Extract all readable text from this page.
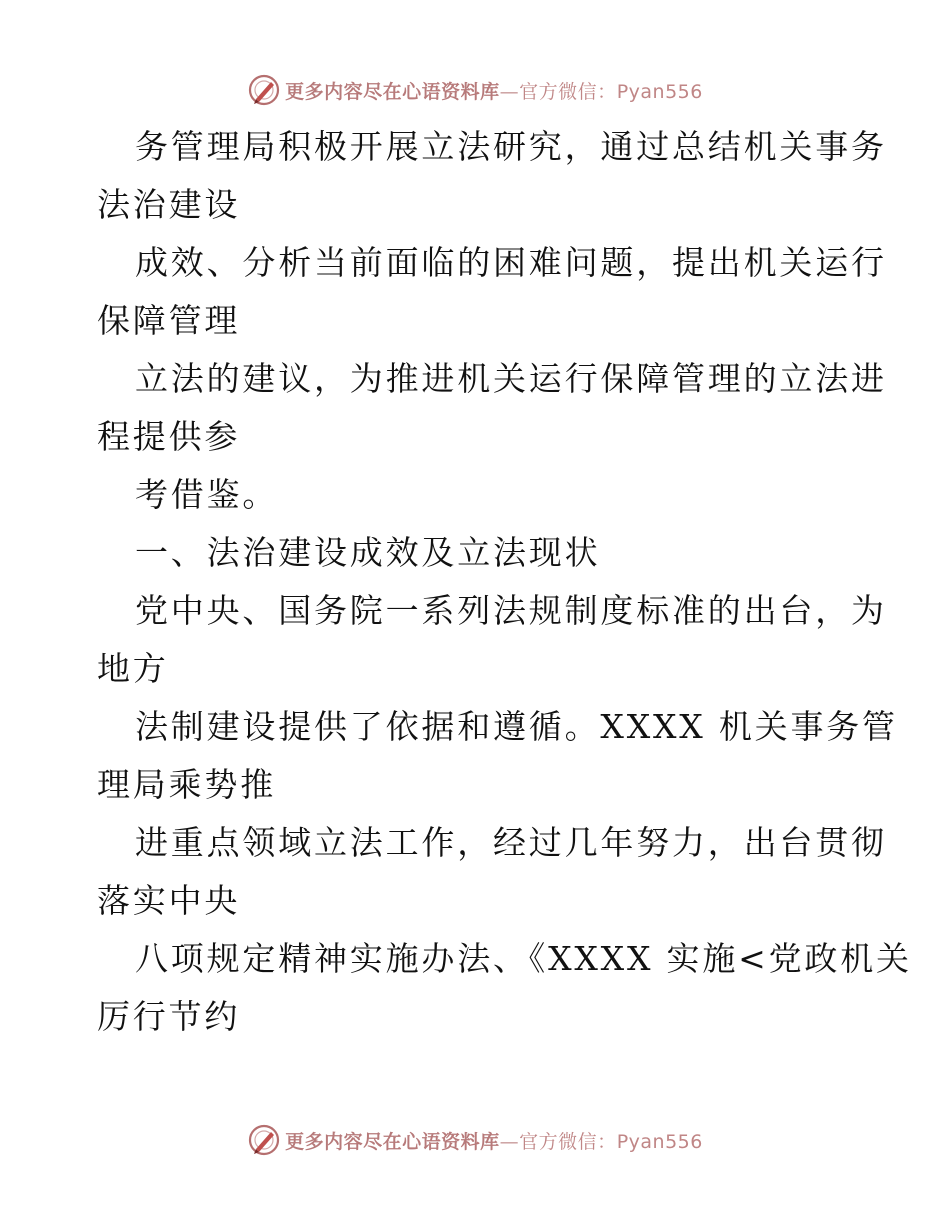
更多内容尽在心语资料库—官方微信：Pyan556

务管理局积极开展立法研究，通过总结机关事务

法治建设

成效、分析当前面临的困难问题，提出机关运行

保障管理

立法的建议，为推进机关运行保障管理的立法进

程提供参

考借鉴。

一、法治建设成效及立法现状

党中央、国务院一系列法规制度标准的出台，为

地方

法制建设提供了依据和遵循。XXXX 机关事务管

理局乘势推

进重点领域立法工作，经过几年努力，出台贯彻

落实中央

八项规定精神实施办法、《XXXX 实施<党政机关

厉行节约

更多内容尽在心语资料库—官方微信：Pyan556
